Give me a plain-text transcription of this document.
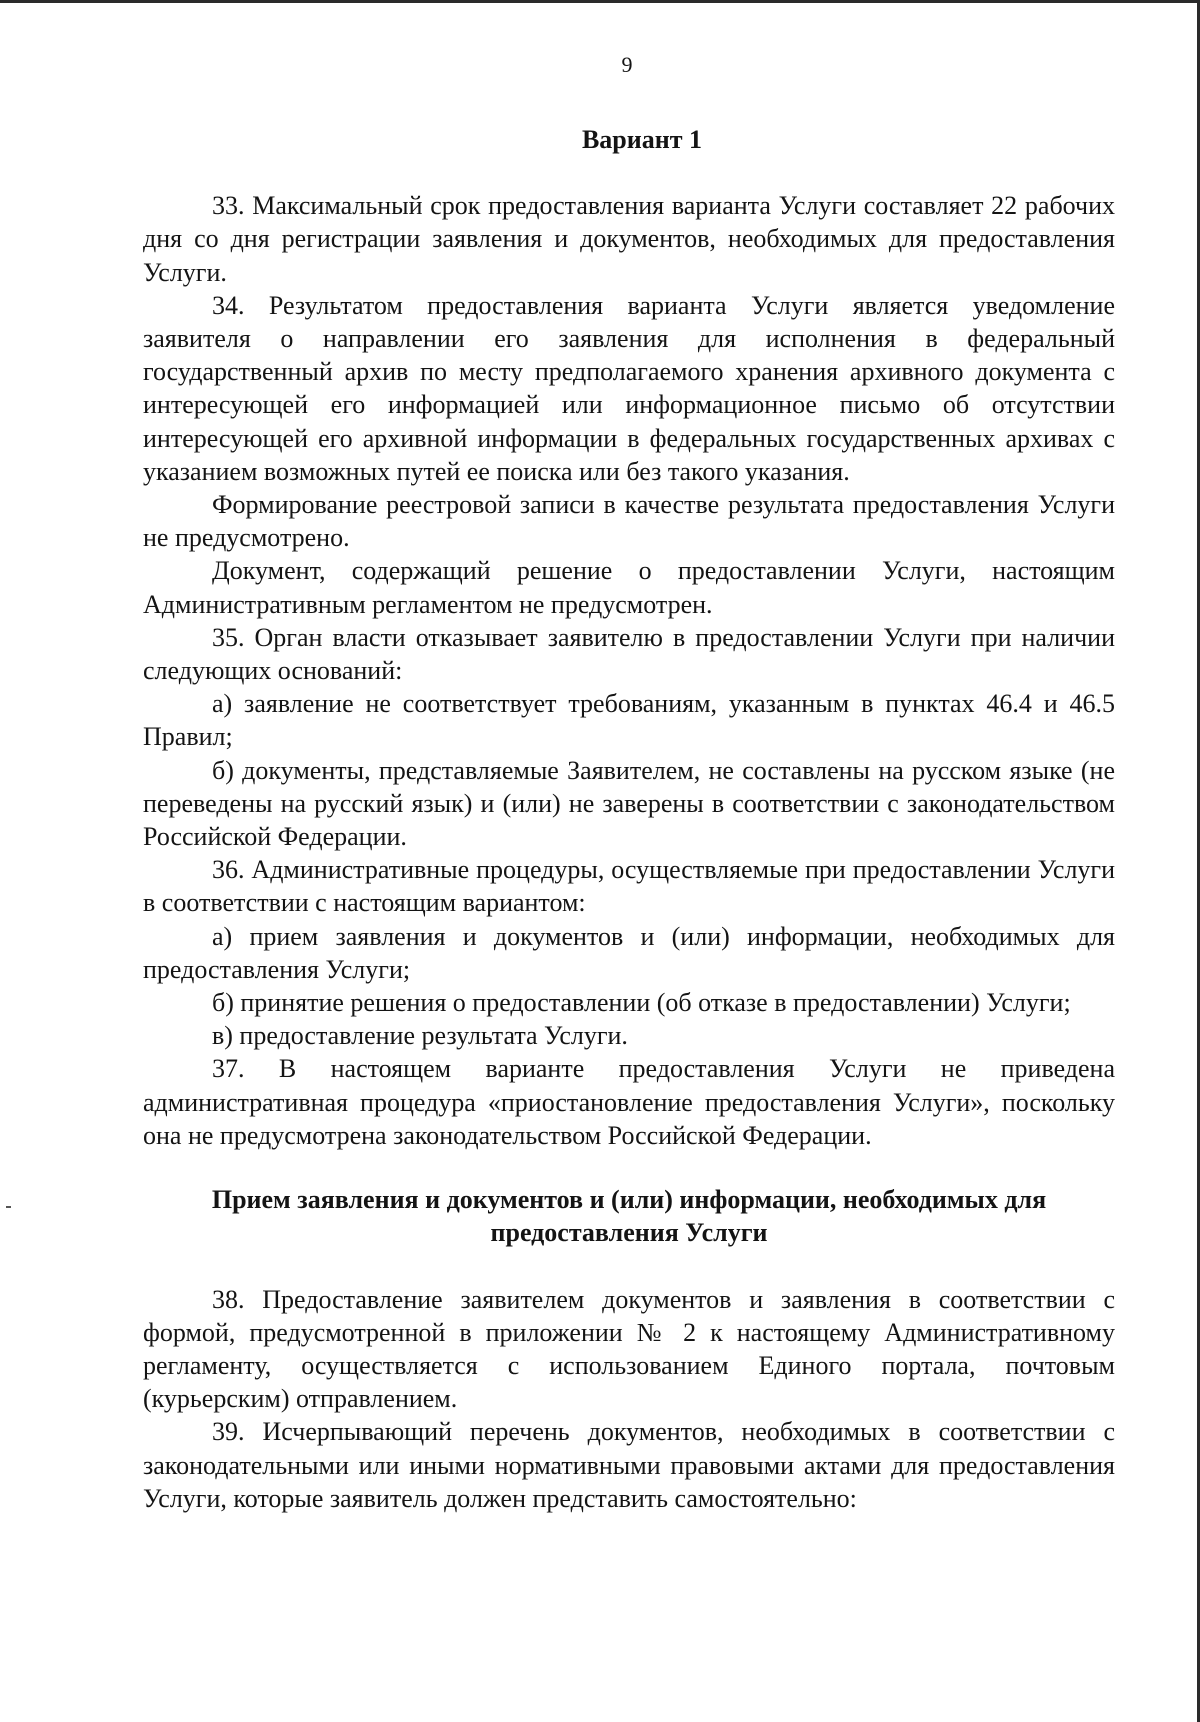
9

Вариант 1

33. Максимальный срок предоставления варианта Услуги составляет 22 рабочих дня со дня регистрации заявления и документов, необходимых для предоставления Услуги.

34. Результатом предоставления варианта Услуги является уведомление заявителя о направлении его заявления для исполнения в федеральный государственный архив по месту предполагаемого хранения архивного документа с интересующей его информацией или информационное письмо об отсутствии интересующей его архивной информации в федеральных государственных архивах с указанием возможных путей ее поиска или без такого указания.

Формирование реестровой записи в качестве результата предоставления Услуги не предусмотрено.

Документ, содержащий решение о предоставлении Услуги, настоящим Административным регламентом не предусмотрен.

35. Орган власти отказывает заявителю в предоставлении Услуги при наличии следующих оснований:

а) заявление не соответствует требованиям, указанным в пунктах 46.4 и 46.5 Правил;

б) документы, представляемые Заявителем, не составлены на русском языке (не переведены на русский язык) и (или) не заверены в соответствии с законодательством Российской Федерации.

36. Административные процедуры, осуществляемые при предоставлении Услуги в соответствии с настоящим вариантом:

а) прием заявления и документов и (или) информации, необходимых для предоставления Услуги;

б) принятие решения о предоставлении (об отказе в предоставлении) Услуги;

в) предоставление результата Услуги.

37. В настоящем варианте предоставления Услуги не приведена административная процедура «приостановление предоставления Услуги», поскольку она не предусмотрена законодательством Российской Федерации.

Прием заявления и документов и (или) информации, необходимых для предоставления Услуги

38. Предоставление заявителем документов и заявления в соответствии с формой, предусмотренной в приложении № 2 к настоящему Административному регламенту, осуществляется с использованием Единого портала, почтовым (курьерским) отправлением.

39. Исчерпывающий перечень документов, необходимых в соответствии с законодательными или иными нормативными правовыми актами для предоставления Услуги, которые заявитель должен представить самостоятельно:
